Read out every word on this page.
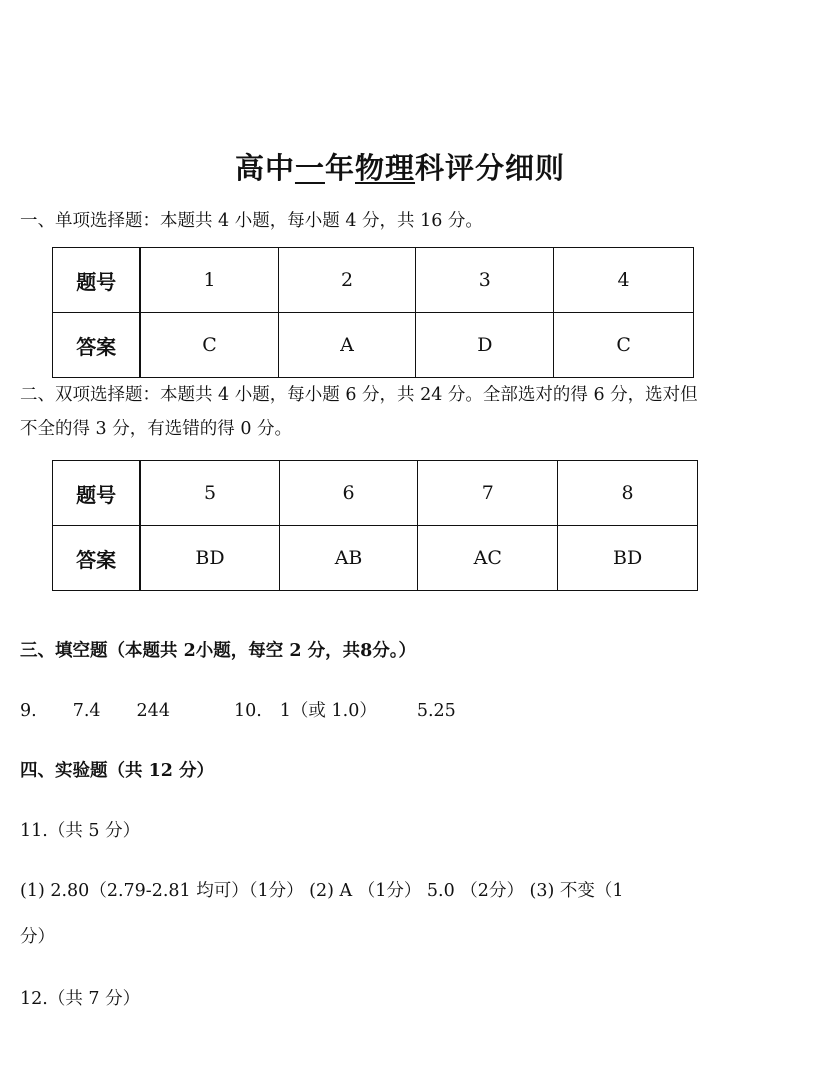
高中一年物理科评分细则
一、单项选择题：本题共 4 小题，每小题 4 分，共 16 分。
题号	1	2	3	4
答案	C	A	D	C
二、双项选择题：本题共 4 小题，每小题 6 分，共 24 分。全部选对的得 6 分，选对但
不全的得 3 分，有选错的得 0 分。
题号	5	6	7	8
答案	BD	AB	AC	BD
三、填空题（本题共 2小题，每空 2 分，共8分。）
9. 7.4 244	10. 1（或 1.0） 5.25
四、实验题（共 12 分）
11.（共 5 分）
(1) 2.80（2.79-2.81 均可）（1分） (2) A （1分） 5.0 （2分） (3) 不变（1
分）
12.（共 7 分）
